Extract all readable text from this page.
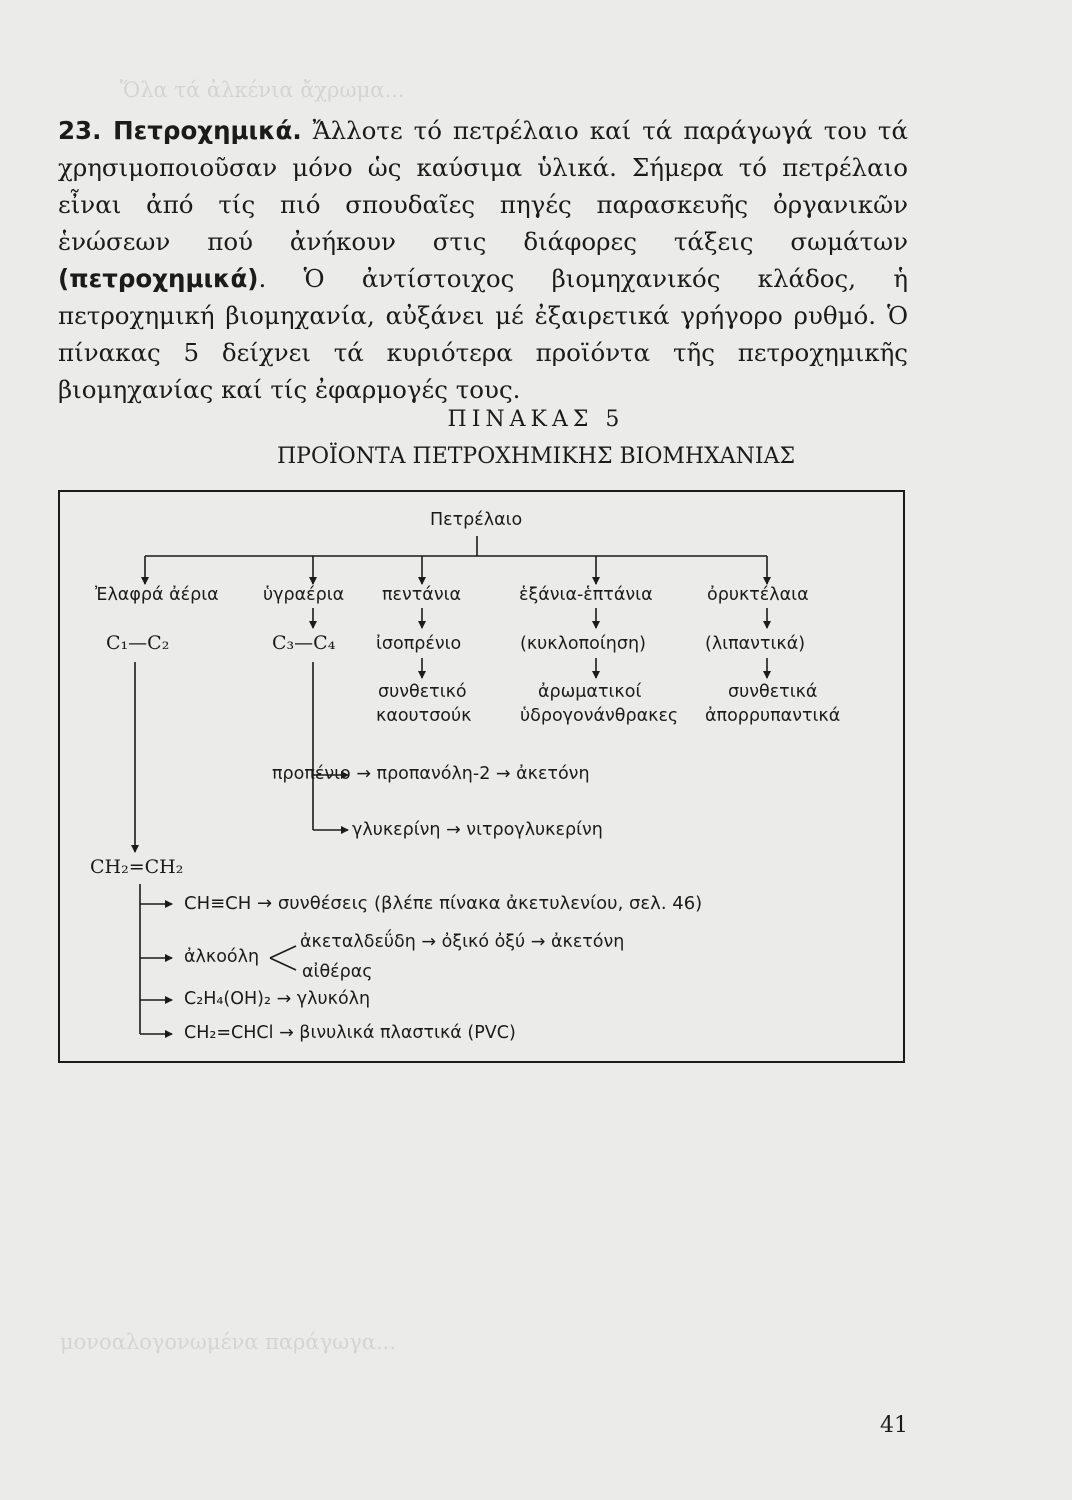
Ὅλα τά ἀλκένια ἄχρωμα...
μονοαλογονωμένα παράγωγα...
23. Πετροχημικά. Ἄλλοτε τό πετρέλαιο καί τά παράγωγά του τά χρησιμοποιοῦσαν μόνο ὡς καύσιμα ὑλικά. Σήμερα τό πετρέλαιο εἶναι ἀπό τίς πιό σπουδαῖες πηγές παρασκευῆς ὀργανικῶν ἑνώσεων πού ἀνήκουν στις διάφορες τάξεις σωμάτων (πετροχημικά). Ὁ ἀντίστοιχος βιομηχανικός κλάδος, ἡ πετροχημική βιομηχανία, αὐξάνει μέ ἐξαιρετικά γρήγορο ρυθμό. Ὁ πίνακας 5 δείχνει τά κυριότερα προϊόντα τῆς πετροχημικῆς βιομηχανίας καί τίς ἐφαρμογές τους.
ΠΙΝΑΚΑΣ 5
ΠΡΟΪΟΝΤΑ ΠΕΤΡΟΧΗΜΙΚΗΣ ΒΙΟΜΗΧΑΝΙΑΣ
Πετρέλαιο
Ἐλαφρά ἀέρια	ὑγραέρια πεντάνια	ἑξάνια-ἑπτάνια	ὀρυκτέλαια
C₁—C₂	C₃—C₄ ἰσοπρένιο	(κυκλοποίηση)	(λιπαντικά)
συνθετικό
καουτσούκ
ἀρωματικοί
ὑδρογονάνθρακες
συνθετικά
ἀπορρυπαντικά
προπένιο → προπανόλη-2 → ἀκετόνη
γλυκερίνη → νιτρογλυκερίνη
CH₂=CH₂
CH≡CH → συνθέσεις (βλέπε πίνακα ἀκετυλενίου, σελ. 46)
ἀκεταλδεΰδη → ὀξικό ὀξύ → ἀκετόνη
ἀλκοόλη
αἰθέρας
C₂H₄(OH)₂ → γλυκόλη
CH₂=CHCl → βινυλικά πλαστικά (PVC)
41
